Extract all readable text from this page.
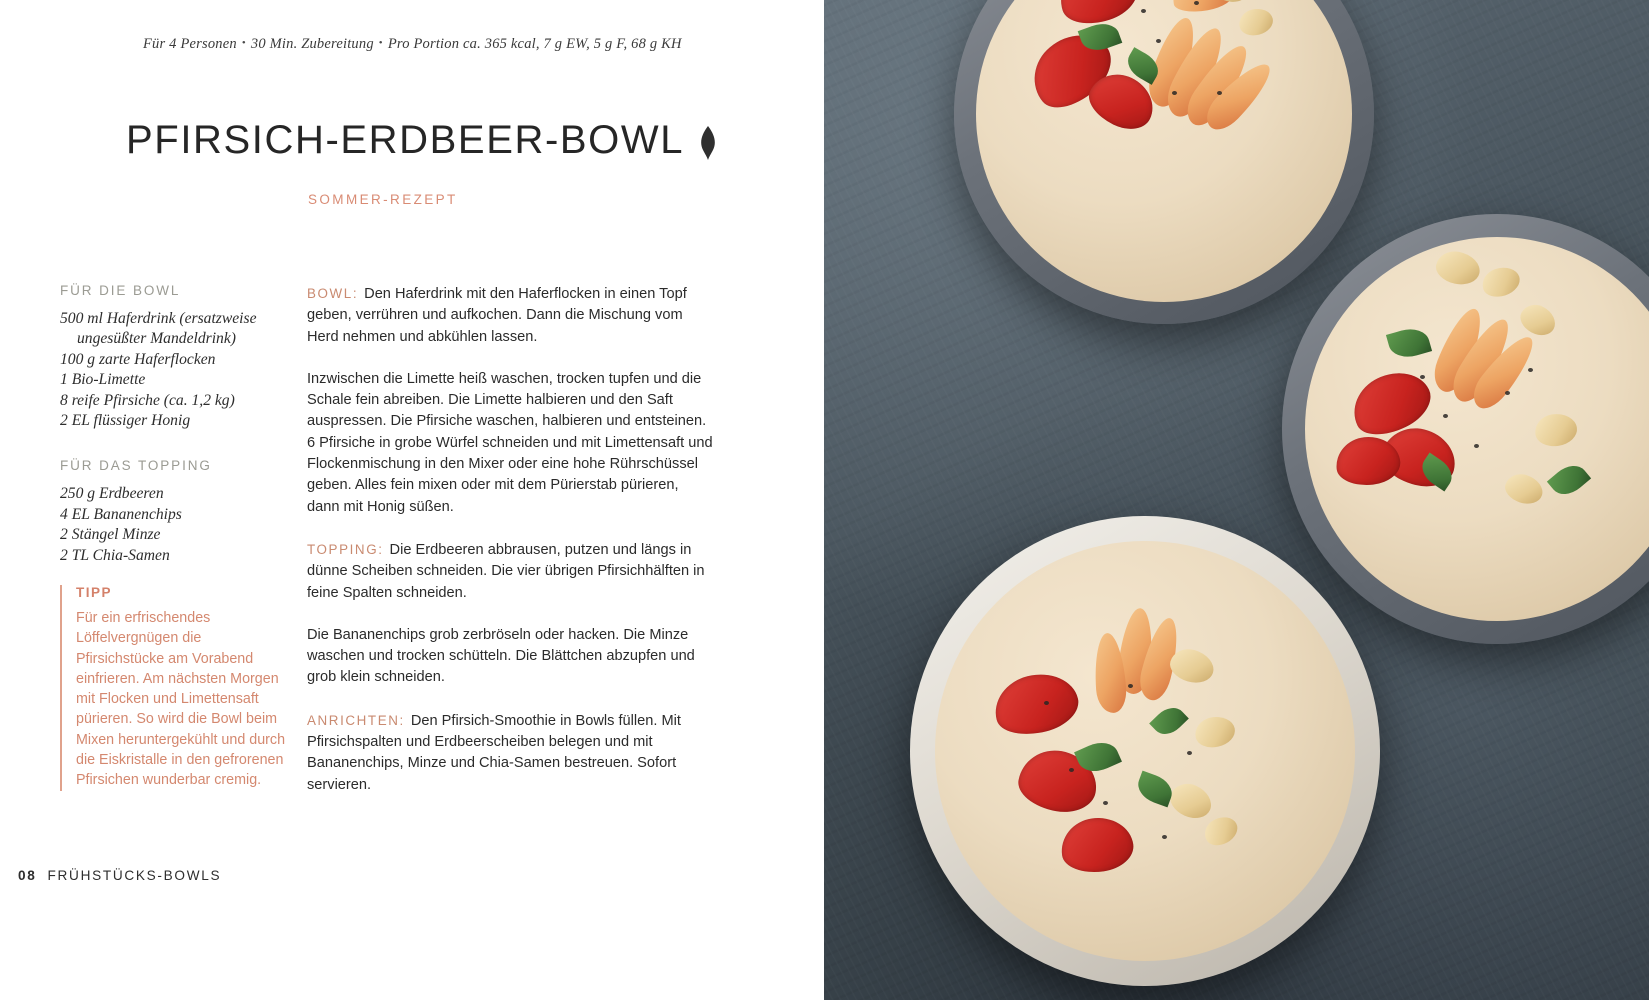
Für 4 Personen • 30 Min. Zubereitung • Pro Portion ca. 365 kcal, 7 g EW, 5 g F, 68 g KH
PFIRSICH-ERDBEER-BOWL
SOMMER-REZEPT
FÜR DIE BOWL
500 ml Haferdrink (ersatzweise
ungesüßter Mandeldrink)
100 g zarte Haferflocken
1 Bio-Limette
8 reife Pfirsiche (ca. 1,2 kg)
2 EL flüssiger Honig
FÜR DAS TOPPING
250 g Erdbeeren
4 EL Bananenchips
2 Stängel Minze
2 TL Chia-Samen
TIPP
Für ein erfrischendes Löffelvergnügen die Pfirsichstücke am Vorabend einfrieren. Am nächsten Morgen mit Flocken und Limettensaft pürieren. So wird die Bowl beim Mixen heruntergekühlt und durch die Eiskristalle in den gefrorenen Pfirsichen wunderbar cremig.

BOWL: Den Haferdrink mit den Haferflocken in einen Topf geben, verrühren und aufkochen. Dann die Mischung vom Herd nehmen und abkühlen lassen.

Inzwischen die Limette heiß waschen, trocken tupfen und die Schale fein abreiben. Die Limette halbieren und den Saft auspressen. Die Pfirsiche waschen, halbieren und entsteinen. 6 Pfirsiche in grobe Würfel schneiden und mit Limettensaft und Flockenmischung in den Mixer oder eine hohe Rührschüssel geben. Alles fein mixen oder mit dem Pürierstab pürieren, dann mit Honig süßen.

TOPPING: Die Erdbeeren abbrausen, putzen und längs in dünne Scheiben schneiden. Die vier übrigen Pfirsichhälften in feine Spalten schneiden.

Die Bananenchips grob zerbröseln oder hacken. Die Minze waschen und trocken schütteln. Die Blättchen abzupfen und grob klein schneiden.

ANRICHTEN: Den Pfirsich-Smoothie in Bowls füllen. Mit Pfirsichspalten und Erdbeerscheiben belegen und mit Bananenchips, Minze und Chia-Samen bestreuen. Sofort servieren.

08 FRÜHSTÜCKS-BOWLS
